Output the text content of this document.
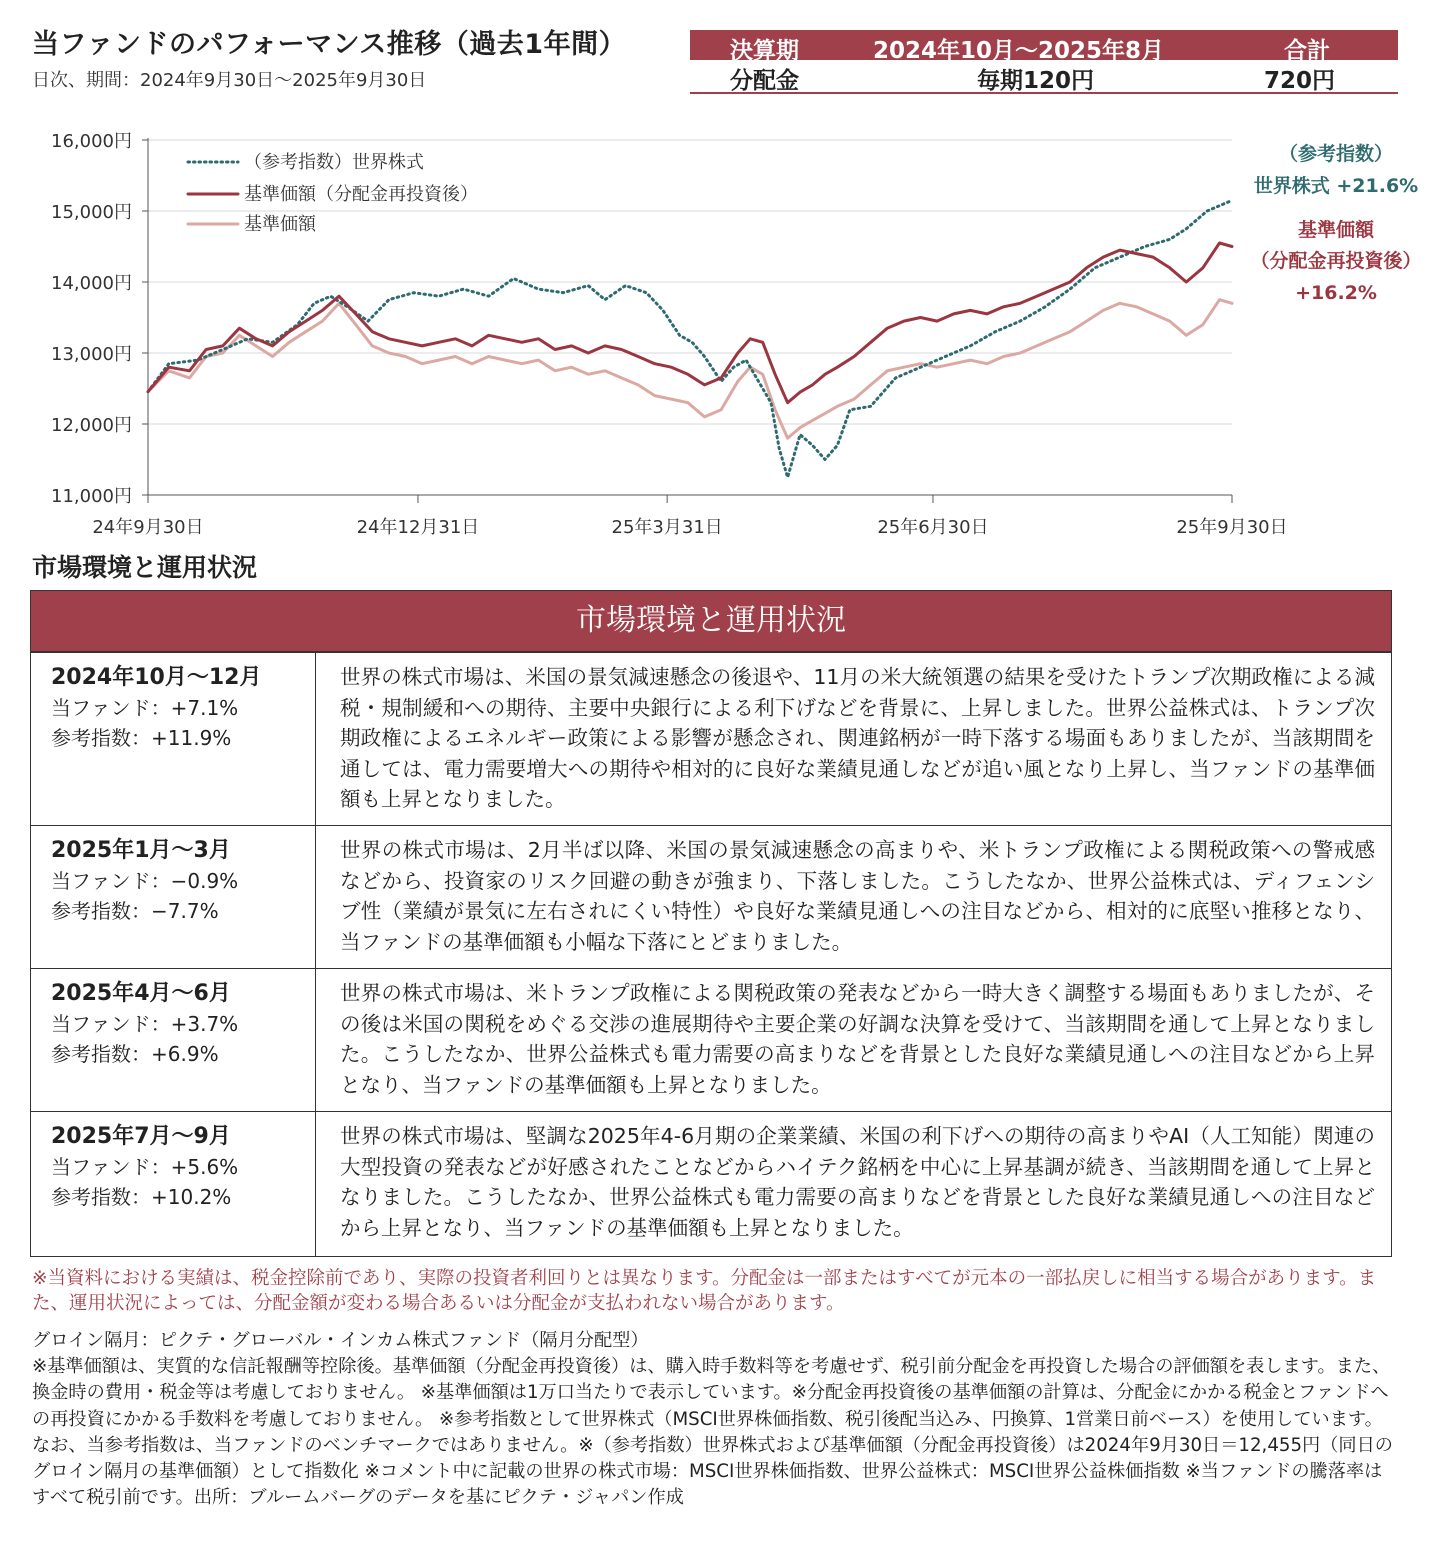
当ファンドのパフォーマンス推移（過去1年間）
日次、期間：2024年9月30日～2025年9月30日
決算期	2024年10月～2025年8月	合計
分配金	毎期120円	720円
16,000円
15,000円
14,000円
13,000円
12,000円
11,000円
24年9月30日	24年12月31日	25年3月31日	25年6月30日	25年9月30日
（参考指数）世界株式
基準価額（分配金再投資後）
基準価額
（参考指数）
世界株式 +21.6%
基準価額
（分配金再投資後）
+16.2%
市場環境と運用状況
市場環境と運用状況
2024年10月～12月
当ファンド：+7.1%
参考指数：+11.9%
世界の株式市場は、米国の景気減速懸念の後退や、11月の米大統領選の結果を受けたトランプ次期政権による減税・規制緩和への期待、主要中央銀行による利下げなどを背景に、上昇しました。世界公益株式は、トランプ次期政権によるエネルギー政策による影響が懸念され、関連銘柄が一時下落する場面もありましたが、当該期間を通しては、電力需要増大への期待や相対的に良好な業績見通しなどが追い風となり上昇し、当ファンドの基準価額も上昇となりました。
2025年1月～3月
当ファンド：−0.9%
参考指数：−7.7%
世界の株式市場は、2月半ば以降、米国の景気減速懸念の高まりや、米トランプ政権による関税政策への警戒感などから、投資家のリスク回避の動きが強まり、下落しました。こうしたなか、世界公益株式は、ディフェンシブ性（業績が景気に左右されにくい特性）や良好な業績見通しへの注目などから、相対的に底堅い推移となり、当ファンドの基準価額も小幅な下落にとどまりました。
2025年4月～6月
当ファンド：+3.7%
参考指数：+6.9%
世界の株式市場は、米トランプ政権による関税政策の発表などから一時大きく調整する場面もありましたが、その後は米国の関税をめぐる交渉の進展期待や主要企業の好調な決算を受けて、当該期間を通して上昇となりました。こうしたなか、世界公益株式も電力需要の高まりなどを背景とした良好な業績見通しへの注目などから上昇となり、当ファンドの基準価額も上昇となりました。
2025年7月～9月
当ファンド：+5.6%
参考指数：+10.2%
世界の株式市場は、堅調な2025年4-6月期の企業業績、米国の利下げへの期待の高まりやAI（人工知能）関連の大型投資の発表などが好感されたことなどからハイテク銘柄を中心に上昇基調が続き、当該期間を通して上昇となりました。こうしたなか、世界公益株式も電力需要の高まりなどを背景とした良好な業績見通しへの注目などから上昇となり、当ファンドの基準価額も上昇となりました。
※当資料における実績は、税金控除前であり、実際の投資者利回りとは異なります。分配金は一部またはすべてが元本の一部払戻しに相当する場合があります。また、運用状況によっては、分配金額が変わる場合あるいは分配金が支払われない場合があります。
グロイン隔月：ピクテ・グローバル・インカム株式ファンド（隔月分配型）
※基準価額は、実質的な信託報酬等控除後。基準価額（分配金再投資後）は、購入時手数料等を考慮せず、税引前分配金を再投資した場合の評価額を表します。また、換金時の費用・税金等は考慮しておりません。 ※基準価額は1万口当たりで表示しています。※分配金再投資後の基準価額の計算は、分配金にかかる税金とファンドへの再投資にかかる手数料を考慮しておりません。 ※参考指数として世界株式（MSCI世界株価指数、税引後配当込み、円換算、1営業日前ベース）を使用しています。なお、当参考指数は、当ファンドのベンチマークではありません。※（参考指数）世界株式および基準価額（分配金再投資後）は2024年9月30日＝12,455円（同日のグロイン隔月の基準価額）として指数化 ※コメント中に記載の世界の株式市場：MSCI世界株価指数、世界公益株式：MSCI世界公益株価指数 ※当ファンドの騰落率はすべて税引前です。出所：ブルームバーグのデータを基にピクテ・ジャパン作成
